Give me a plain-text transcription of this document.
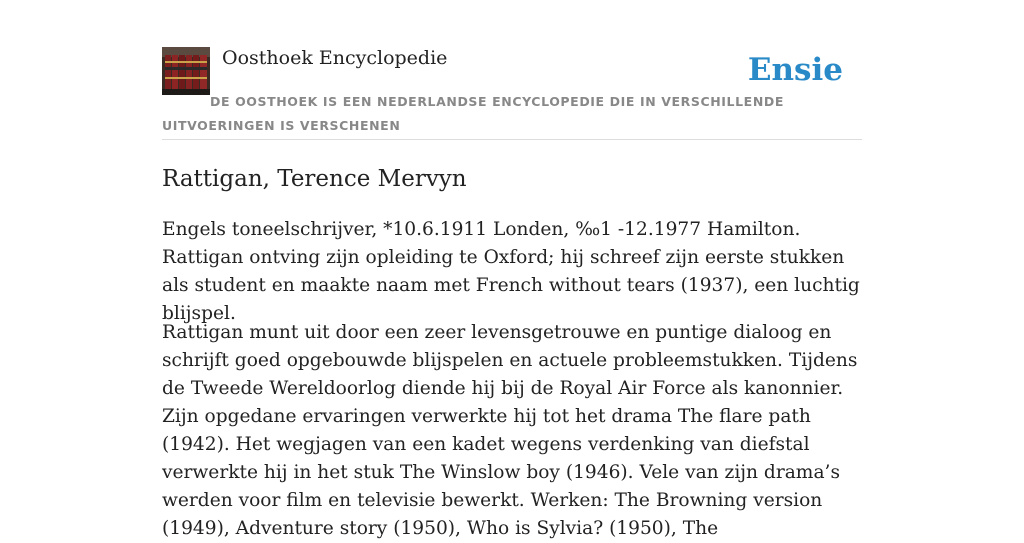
Oosthoek Encyclopedie	Ensie
DE OOSTHOEK IS EEN NEDERLANDSE ENCYCLOPEDIE DIE IN VERSCHILLENDE UITVOERINGEN IS VERSCHENEN
Rattigan, Terence Mervyn

Engels toneelschrijver, *10.6.1911 Londen, ‰1 -12.1977 Hamilton. Rattigan ontving zijn opleiding te Oxford; hij schreef zijn eerste stukken als student en maakte naam met French without tears (1937), een luchtig blijspel.

Rattigan munt uit door een zeer levensgetrouwe en puntige dialoog en schrijft goed opgebouwde blijspelen en actuele probleemstukken. Tijdens de Tweede Wereldoorlog diende hij bij de Royal Air Force als kanonnier. Zijn opgedane ervaringen verwerkte hij tot het drama The flare path (1942). Het wegjagen van een kadet wegens verdenking van diefstal verwerkte hij in het stuk The Winslow boy (1946). Vele van zijn drama’s werden voor film en televisie bewerkt. Werken: The Browning version (1949), Adventure story (1950), Who is Sylvia? (1950), The
